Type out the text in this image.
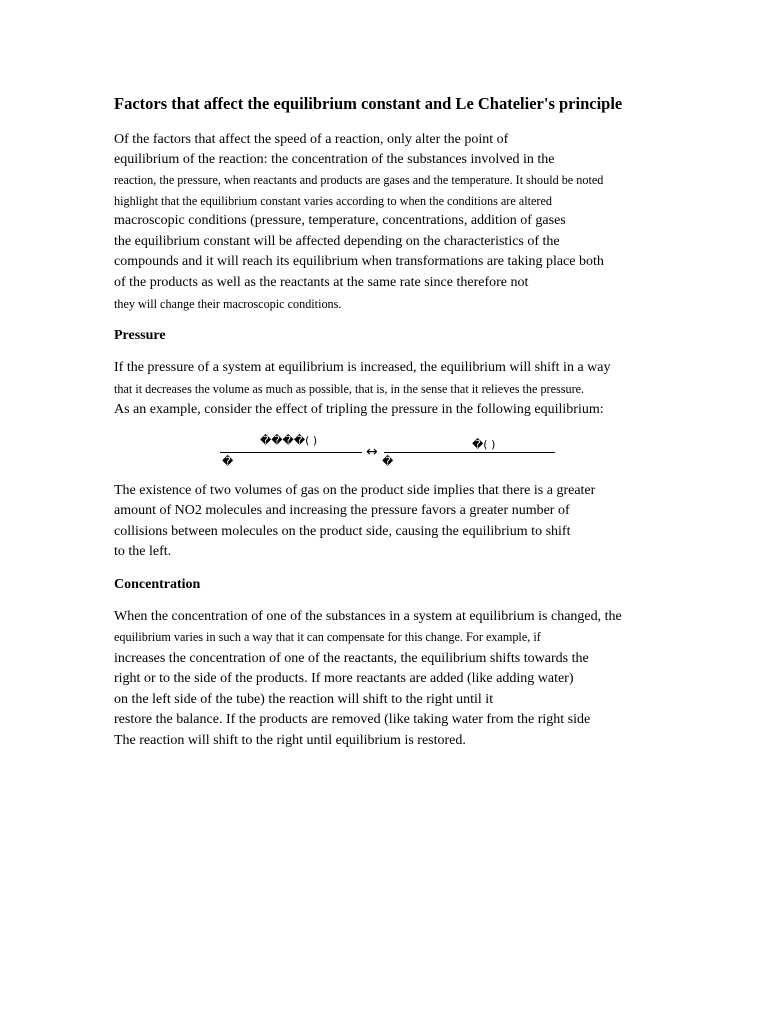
Factors that affect the equilibrium constant and Le Chatelier's principle
Of the factors that affect the speed of a reaction, only alter the point of
equilibrium of the reaction: the concentration of the substances involved in the
reaction, the pressure, when reactants and products are gases and the temperature. It should be noted
highlight that the equilibrium constant varies according to when the conditions are altered
macroscopic conditions (pressure, temperature, concentrations, addition of gases
the equilibrium constant will be affected depending on the characteristics of the
compounds and it will reach its equilibrium when transformations are taking place both
of the products as well as the reactants at the same rate since therefore not
they will change their macroscopic conditions.
Pressure
If the pressure of a system at equilibrium is increased, the equilibrium will shift in a way
that it decreases the volume as much as possible, that is, in the sense that it relieves the pressure.
As an example, consider the effect of tripling the pressure in the following equilibrium:
����( )
�
↔	�( )
�
The existence of two volumes of gas on the product side implies that there is a greater
amount of NO2 molecules and increasing the pressure favors a greater number of
collisions between molecules on the product side, causing the equilibrium to shift
to the left.
Concentration
When the concentration of one of the substances in a system at equilibrium is changed, the
equilibrium varies in such a way that it can compensate for this change. For example, if
increases the concentration of one of the reactants, the equilibrium shifts towards the
right or to the side of the products. If more reactants are added (like adding water)
on the left side of the tube) the reaction will shift to the right until it
restore the balance. If the products are removed (like taking water from the right side
The reaction will shift to the right until equilibrium is restored.
